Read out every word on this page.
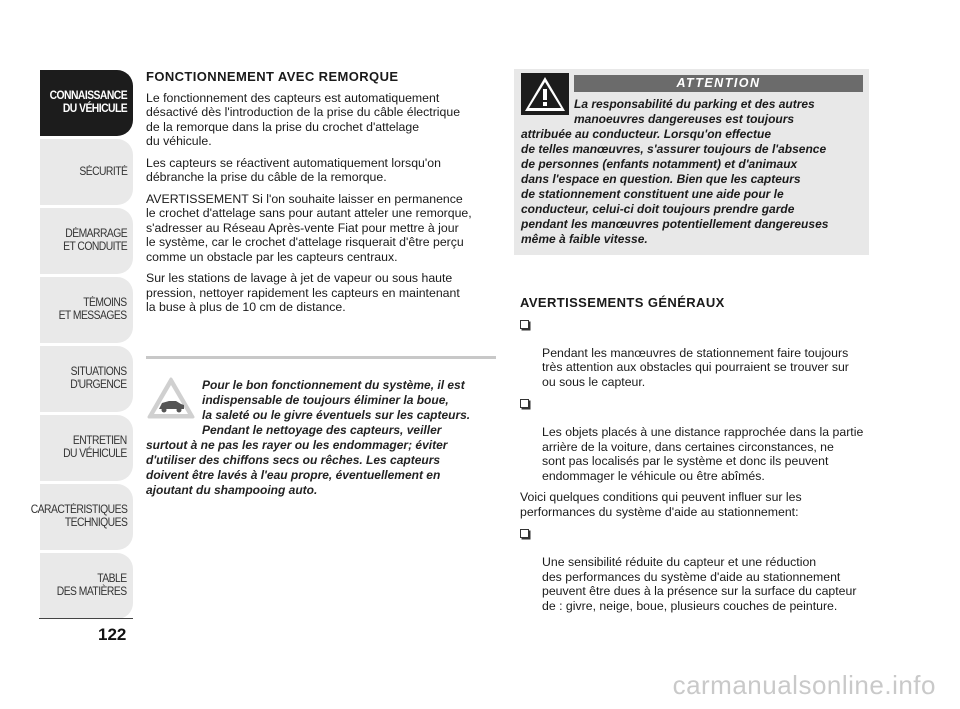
CONNAISSANCE
DU VÉHICULE
SÉCURITÉ
DÉMARRAGE
ET CONDUITE
TÉMOINS
ET MESSAGES
SITUATIONS
D'URGENCE
ENTRETIEN
DU VÉHICULE
CARACTÉRISTIQUES
TECHNIQUES
TABLE
DES MATIÈRES
122
FONCTIONNEMENT AVEC REMORQUE

Le fonctionnement des capteurs est automatiquement
désactivé dès l'introduction de la prise du câble électrique
de la remorque dans la prise du crochet d'attelage
du véhicule.

Les capteurs se réactivent automatiquement lorsqu'on
débranche la prise du câble de la remorque.

AVERTISSEMENT Si l'on souhaite laisser en permanence
le crochet d'attelage sans pour autant atteler une remorque,
s'adresser au Réseau Après-vente Fiat pour mettre à jour
le système, car le crochet d'attelage risquerait d'être perçu
comme un obstacle par les capteurs centraux.

Sur les stations de lavage à jet de vapeur ou sous haute
pression, nettoyer rapidement les capteurs en maintenant
la buse à plus de 10 cm de distance.

Pour le bon fonctionnement du système, il est
indispensable de toujours éliminer la boue,
la saleté ou le givre éventuels sur les capteurs.
Pendant le nettoyage des capteurs, veiller
surtout à ne pas les rayer ou les endommager; éviter
d'utiliser des chiffons secs ou rêches. Les capteurs
doivent être lavés à l'eau propre, éventuellement en
ajoutant du shampooing auto.
ATTENTION
La responsabilité du parking et des autres
manoeuvres dangereuses est toujours
attribuée au conducteur. Lorsqu'on effectue
de telles manœuvres, s'assurer toujours de l'absence
de personnes (enfants notamment) et d'animaux
dans l'espace en question. Bien que les capteurs
de stationnement constituent une aide pour le
conducteur, celui-ci doit toujours prendre garde
pendant les manœuvres potentiellement dangereuses
même à faible vitesse.
AVERTISSEMENTS GÉNÉRAUX

Pendant les manœuvres de stationnement faire toujours
très attention aux obstacles qui pourraient se trouver sur
ou sous le capteur.

Les objets placés à une distance rapprochée dans la partie
arrière de la voiture, dans certaines circonstances, ne
sont pas localisés par le système et donc ils peuvent
endommager le véhicule ou être abîmés.

Voici quelques conditions qui peuvent influer sur les
performances du système d'aide au stationnement:

Une sensibilité réduite du capteur et une réduction
des performances du système d'aide au stationnement
peuvent être dues à la présence sur la surface du capteur
de : givre, neige, boue, plusieurs couches de peinture.

carmanualsonline.info
